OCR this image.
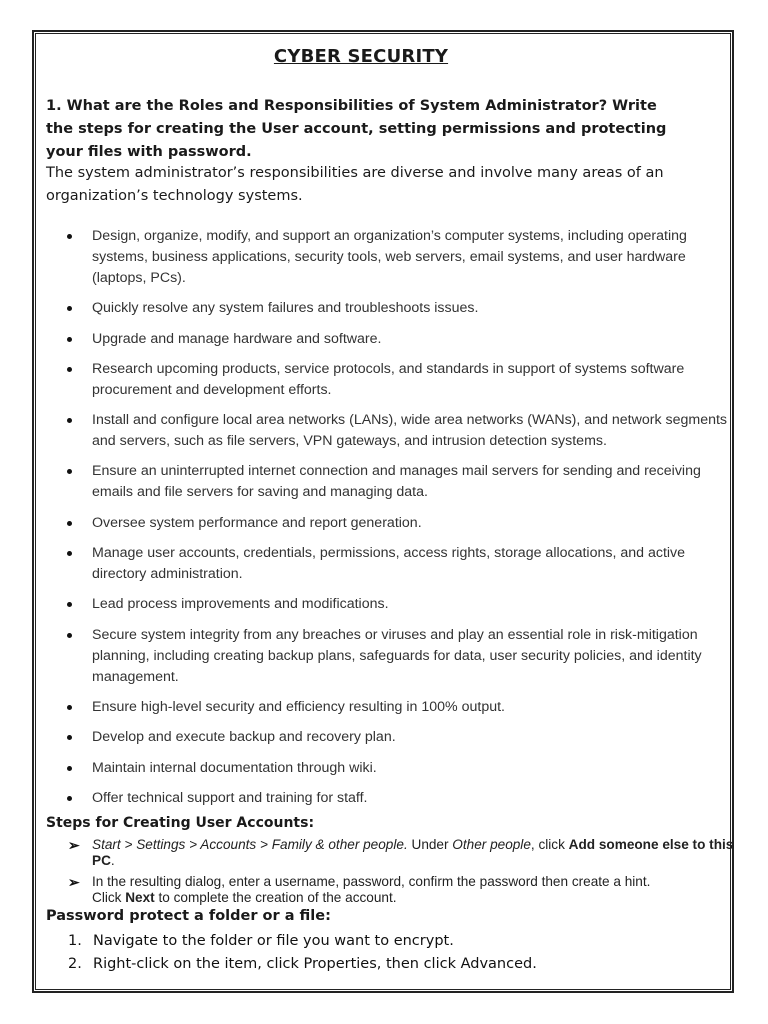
CYBER SECURITY
1. What are the Roles and Responsibilities of System Administrator? Write the steps for creating the User account, setting permissions and protecting your files with password.
The system administrator’s responsibilities are diverse and involve many areas of an organization’s technology systems.
Design, organize, modify, and support an organization’s computer systems, including operating systems, business applications, security tools, web servers, email systems, and user hardware (laptops, PCs).
Quickly resolve any system failures and troubleshoots issues.
Upgrade and manage hardware and software.
Research upcoming products, service protocols, and standards in support of systems software procurement and development efforts.
Install and configure local area networks (LANs), wide area networks (WANs), and network segments and servers, such as file servers, VPN gateways, and intrusion detection systems.
Ensure an uninterrupted internet connection and manages mail servers for sending and receiving emails and file servers for saving and managing data.
Oversee system performance and report generation.
Manage user accounts, credentials, permissions, access rights, storage allocations, and active directory administration.
Lead process improvements and modifications.
Secure system integrity from any breaches or viruses and play an essential role in risk-mitigation planning, including creating backup plans, safeguards for data, user security policies, and identity management.
Ensure high-level security and efficiency resulting in 100% output.
Develop and execute backup and recovery plan.
Maintain internal documentation through wiki.
Offer technical support and training for staff.
Steps for Creating User Accounts:
➢ Start > Settings > Accounts > Family & other people. Under Other people, click Add someone else to this PC.
➢ In the resulting dialog, enter a username, password, confirm the password then create a hint.
Click Next to complete the creation of the account.
Password protect a folder or a file:
1. Navigate to the folder or file you want to encrypt.
2. Right-click on the item, click Properties, then click Advanced.
